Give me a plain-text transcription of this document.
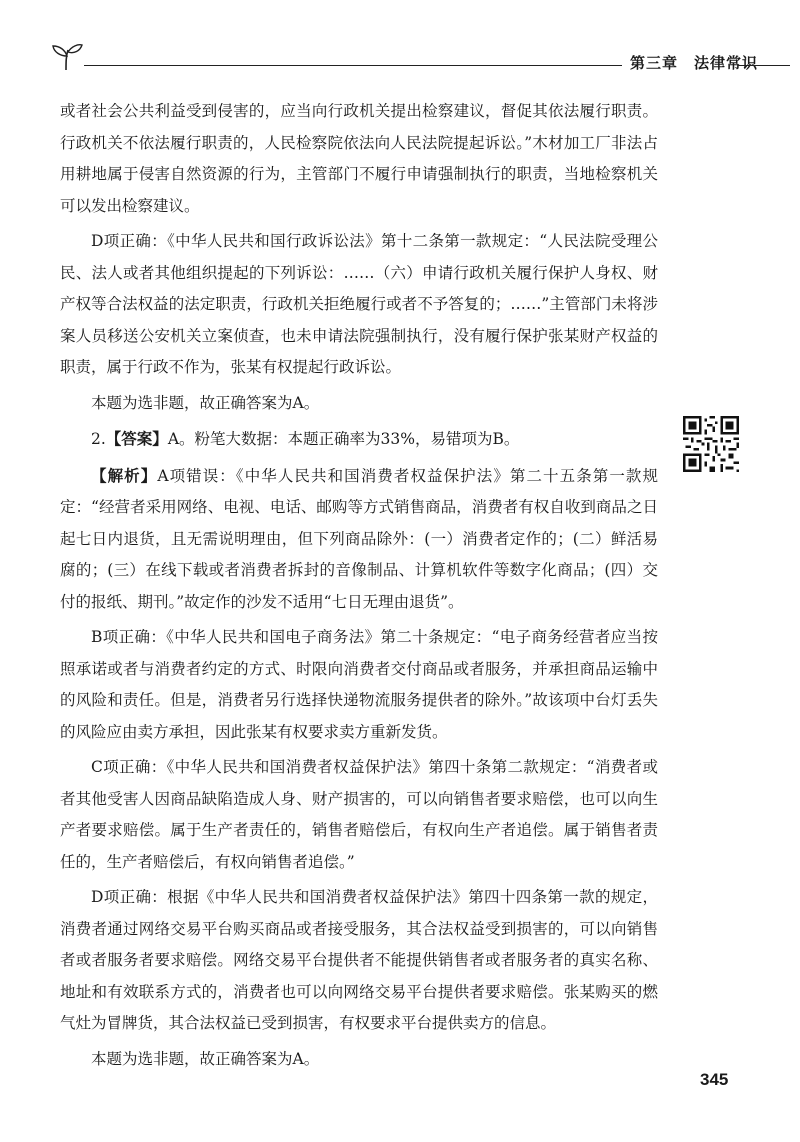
第三章　法律常识

或者社会公共利益受到侵害的，应当向行政机关提出检察建议，督促其依法履行职责。行政机关不依法履行职责的，人民检察院依法向人民法院提起诉讼。”木材加工厂非法占用耕地属于侵害自然资源的行为，主管部门不履行申请强制执行的职责，当地检察机关可以发出检察建议。

D项正确：《中华人民共和国行政诉讼法》第十二条第一款规定：“人民法院受理公民、法人或者其他组织提起的下列诉讼：……（六）申请行政机关履行保护人身权、财产权等合法权益的法定职责，行政机关拒绝履行或者不予答复的；……”主管部门未将涉案人员移送公安机关立案侦查，也未申请法院强制执行，没有履行保护张某财产权益的职责，属于行政不作为，张某有权提起行政诉讼。

本题为选非题，故正确答案为A。

2.【答案】A。粉笔大数据：本题正确率为33%，易错项为B。

【解析】A项错误：《中华人民共和国消费者权益保护法》第二十五条第一款规定：“经营者采用网络、电视、电话、邮购等方式销售商品，消费者有权自收到商品之日起七日内退货，且无需说明理由，但下列商品除外：(一）消费者定作的；(二）鲜活易腐的；(三）在线下载或者消费者拆封的音像制品、计算机软件等数字化商品；(四）交付的报纸、期刊。”故定作的沙发不适用“七日无理由退货”。

B项正确：《中华人民共和国电子商务法》第二十条规定：“电子商务经营者应当按照承诺或者与消费者约定的方式、时限向消费者交付商品或者服务，并承担商品运输中的风险和责任。但是，消费者另行选择快递物流服务提供者的除外。”故该项中台灯丢失的风险应由卖方承担，因此张某有权要求卖方重新发货。

C项正确：《中华人民共和国消费者权益保护法》第四十条第二款规定：“消费者或者其他受害人因商品缺陷造成人身、财产损害的，可以向销售者要求赔偿，也可以向生产者要求赔偿。属于生产者责任的，销售者赔偿后，有权向生产者追偿。属于销售者责任的，生产者赔偿后，有权向销售者追偿。”

D项正确：根据《中华人民共和国消费者权益保护法》第四十四条第一款的规定，消费者通过网络交易平台购买商品或者接受服务，其合法权益受到损害的，可以向销售者或者服务者要求赔偿。网络交易平台提供者不能提供销售者或者服务者的真实名称、地址和有效联系方式的，消费者也可以向网络交易平台提供者要求赔偿。张某购买的燃气灶为冒牌货，其合法权益已受到损害，有权要求平台提供卖方的信息。

本题为选非题，故正确答案为A。

345
